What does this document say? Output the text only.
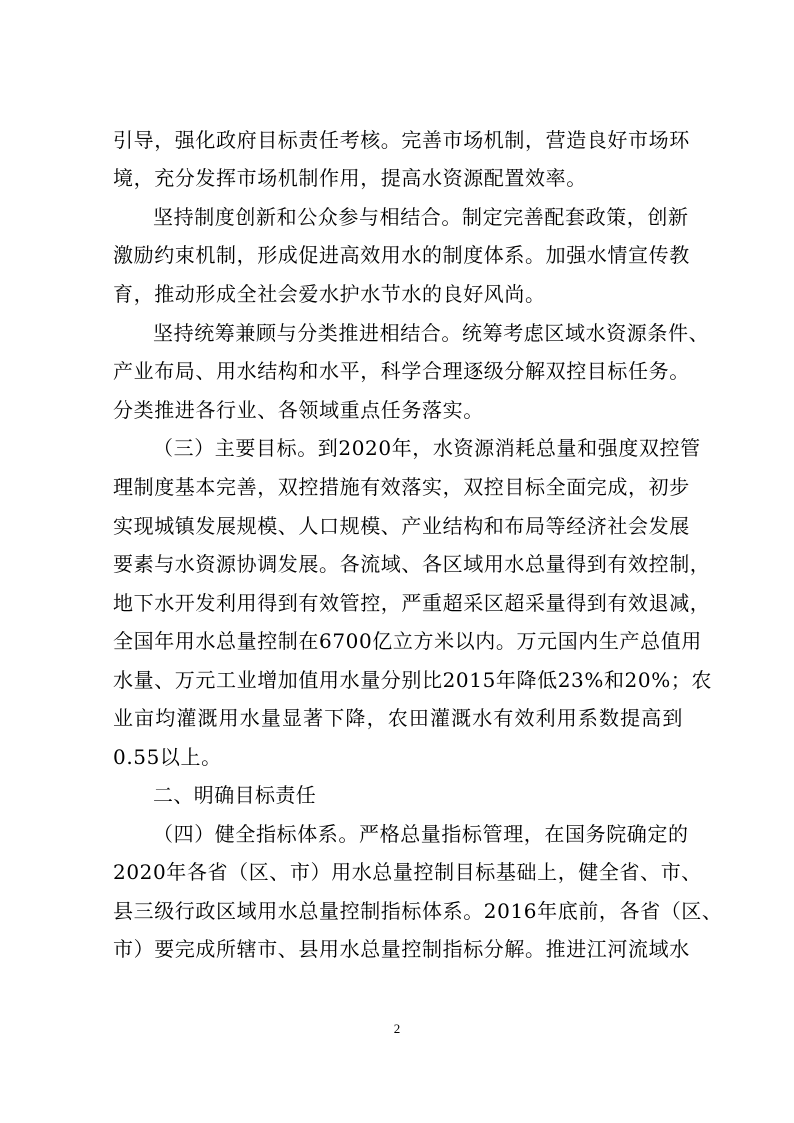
引导，强化政府目标责任考核。完善市场机制，营造良好市场环
境，充分发挥市场机制作用，提高水资源配置效率。
坚持制度创新和公众参与相结合。制定完善配套政策，创新
激励约束机制，形成促进高效用水的制度体系。加强水情宣传教
育，推动形成全社会爱水护水节水的良好风尚。
坚持统筹兼顾与分类推进相结合。统筹考虑区域水资源条件、
产业布局、用水结构和水平，科学合理逐级分解双控目标任务。
分类推进各行业、各领域重点任务落实。
（三）主要目标。到2020年，水资源消耗总量和强度双控管
理制度基本完善，双控措施有效落实，双控目标全面完成，初步
实现城镇发展规模、人口规模、产业结构和布局等经济社会发展
要素与水资源协调发展。各流域、各区域用水总量得到有效控制，
地下水开发利用得到有效管控，严重超采区超采量得到有效退减，
全国年用水总量控制在6700亿立方米以内。万元国内生产总值用
水量、万元工业增加值用水量分别比2015年降低23%和20%；农
业亩均灌溉用水量显著下降，农田灌溉水有效利用系数提高到
0.55以上。
二、明确目标责任
（四）健全指标体系。严格总量指标管理，在国务院确定的
2020年各省（区、市）用水总量控制目标基础上，健全省、市、
县三级行政区域用水总量控制指标体系。2016年底前，各省（区、
市）要完成所辖市、县用水总量控制指标分解。推进江河流域水
2
